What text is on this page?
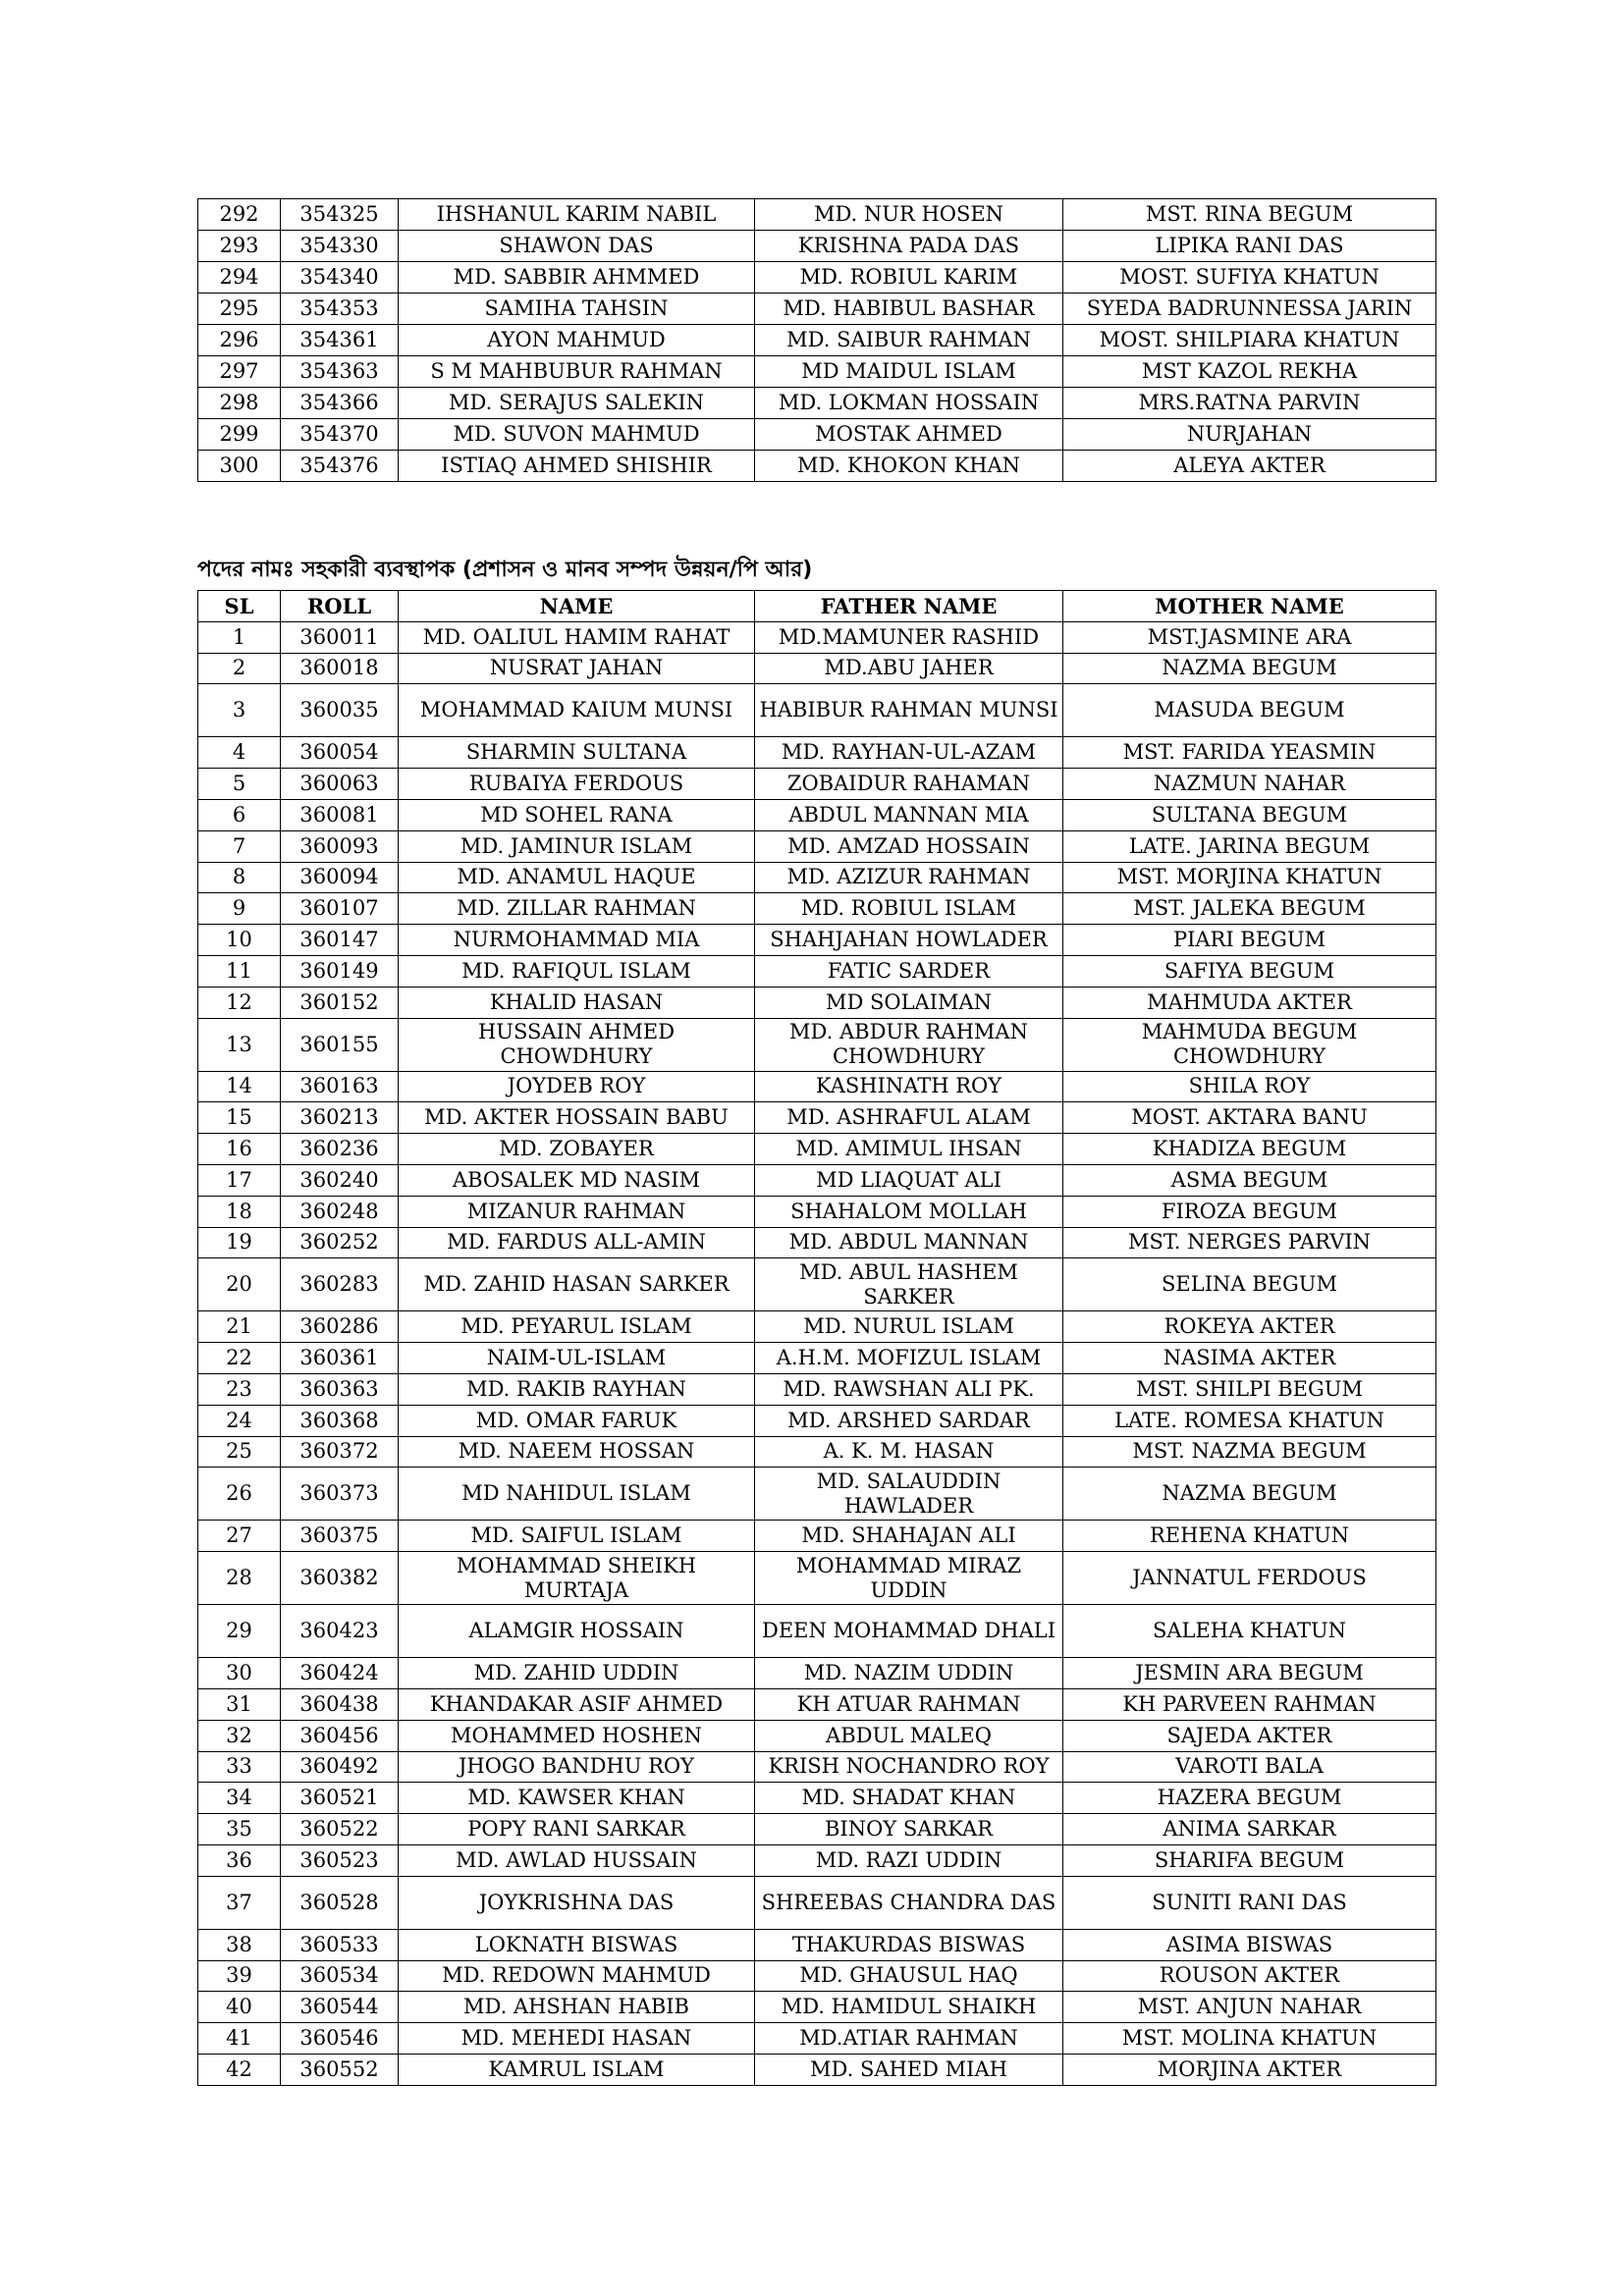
292	354325	IHSHANUL KARIM NABIL	MD. NUR HOSEN	MST. RINA BEGUM
293	354330	SHAWON DAS	KRISHNA PADA DAS	LIPIKA RANI DAS
294	354340	MD. SABBIR AHMMED	MD. ROBIUL KARIM	MOST. SUFIYA KHATUN
295	354353	SAMIHA TAHSIN	MD. HABIBUL BASHAR	SYEDA BADRUNNESSA JARIN
296	354361	AYON MAHMUD	MD. SAIBUR RAHMAN	MOST. SHILPIARA KHATUN
297	354363	S M MAHBUBUR RAHMAN	MD MAIDUL ISLAM	MST KAZOL REKHA
298	354366	MD. SERAJUS SALEKIN	MD. LOKMAN HOSSAIN	MRS.RATNA PARVIN
299	354370	MD. SUVON MAHMUD	MOSTAK AHMED	NURJAHAN
300	354376	ISTIAQ AHMED SHISHIR	MD. KHOKON KHAN	ALEYA AKTER
পদের নামঃ সহকারী ব্যবস্থাপক (প্রশাসন ও মানব সম্পদ উন্নয়ন/পি আর)
SL	ROLL	NAME	FATHER NAME	MOTHER NAME
1	360011	MD. OALIUL HAMIM RAHAT	MD.MAMUNER RASHID	MST.JASMINE ARA
2	360018	NUSRAT JAHAN	MD.ABU JAHER	NAZMA BEGUM
3	360035	MOHAMMAD KAIUM MUNSI	HABIBUR RAHMAN MUNSI	MASUDA BEGUM
4	360054	SHARMIN SULTANA	MD. RAYHAN-UL-AZAM	MST. FARIDA YEASMIN
5	360063	RUBAIYA FERDOUS	ZOBAIDUR RAHAMAN	NAZMUN NAHAR
6	360081	MD SOHEL RANA	ABDUL MANNAN MIA	SULTANA BEGUM
7	360093	MD. JAMINUR ISLAM	MD. AMZAD HOSSAIN	LATE. JARINA BEGUM
8	360094	MD. ANAMUL HAQUE	MD. AZIZUR RAHMAN	MST. MORJINA KHATUN
9	360107	MD. ZILLAR RAHMAN	MD. ROBIUL ISLAM	MST. JALEKA BEGUM
10	360147	NURMOHAMMAD MIA	SHAHJAHAN HOWLADER	PIARI BEGUM
11	360149	MD. RAFIQUL ISLAM	FATIC SARDER	SAFIYA BEGUM
12	360152	KHALID HASAN	MD SOLAIMAN	MAHMUDA AKTER
13	360155	HUSSAIN AHMED CHOWDHURY	MD. ABDUR RAHMAN CHOWDHURY	MAHMUDA BEGUM CHOWDHURY
14	360163	JOYDEB ROY	KASHINATH ROY	SHILA ROY
15	360213	MD. AKTER HOSSAIN BABU	MD. ASHRAFUL ALAM	MOST. AKTARA BANU
16	360236	MD. ZOBAYER	MD. AMIMUL IHSAN	KHADIZA BEGUM
17	360240	ABOSALEK MD NASIM	MD LIAQUAT ALI	ASMA BEGUM
18	360248	MIZANUR RAHMAN	SHAHALOM MOLLAH	FIROZA BEGUM
19	360252	MD. FARDUS ALL-AMIN	MD. ABDUL MANNAN	MST. NERGES PARVIN
20	360283	MD. ZAHID HASAN SARKER	MD. ABUL HASHEM SARKER	SELINA BEGUM
21	360286	MD. PEYARUL ISLAM	MD. NURUL ISLAM	ROKEYA AKTER
22	360361	NAIM-UL-ISLAM	A.H.M. MOFIZUL ISLAM	NASIMA AKTER
23	360363	MD. RAKIB RAYHAN	MD. RAWSHAN ALI PK.	MST. SHILPI BEGUM
24	360368	MD. OMAR FARUK	MD. ARSHED SARDAR	LATE. ROMESA KHATUN
25	360372	MD. NAEEM HOSSAN	A. K. M. HASAN	MST. NAZMA BEGUM
26	360373	MD NAHIDUL ISLAM	MD. SALAUDDIN HAWLADER	NAZMA BEGUM
27	360375	MD. SAIFUL ISLAM	MD. SHAHAJAN ALI	REHENA KHATUN
28	360382	MOHAMMAD SHEIKH MURTAJA	MOHAMMAD MIRAZ UDDIN	JANNATUL FERDOUS
29	360423	ALAMGIR HOSSAIN	DEEN MOHAMMAD DHALI	SALEHA KHATUN
30	360424	MD. ZAHID UDDIN	MD. NAZIM UDDIN	JESMIN ARA BEGUM
31	360438	KHANDAKAR ASIF AHMED	KH ATUAR RAHMAN	KH PARVEEN RAHMAN
32	360456	MOHAMMED HOSHEN	ABDUL MALEQ	SAJEDA AKTER
33	360492	JHOGO BANDHU ROY	KRISH NOCHANDRO ROY	VAROTI BALA
34	360521	MD. KAWSER KHAN	MD. SHADAT KHAN	HAZERA BEGUM
35	360522	POPY RANI SARKAR	BINOY SARKAR	ANIMA SARKAR
36	360523	MD. AWLAD HUSSAIN	MD. RAZI UDDIN	SHARIFA BEGUM
37	360528	JOYKRISHNA DAS	SHREEBAS CHANDRA DAS	SUNITI RANI DAS
38	360533	LOKNATH BISWAS	THAKURDAS BISWAS	ASIMA BISWAS
39	360534	MD. REDOWN MAHMUD	MD. GHAUSUL HAQ	ROUSON AKTER
40	360544	MD. AHSHAN HABIB	MD. HAMIDUL SHAIKH	MST. ANJUN NAHAR
41	360546	MD. MEHEDI HASAN	MD.ATIAR RAHMAN	MST. MOLINA KHATUN
42	360552	KAMRUL ISLAM	MD. SAHED MIAH	MORJINA AKTER
